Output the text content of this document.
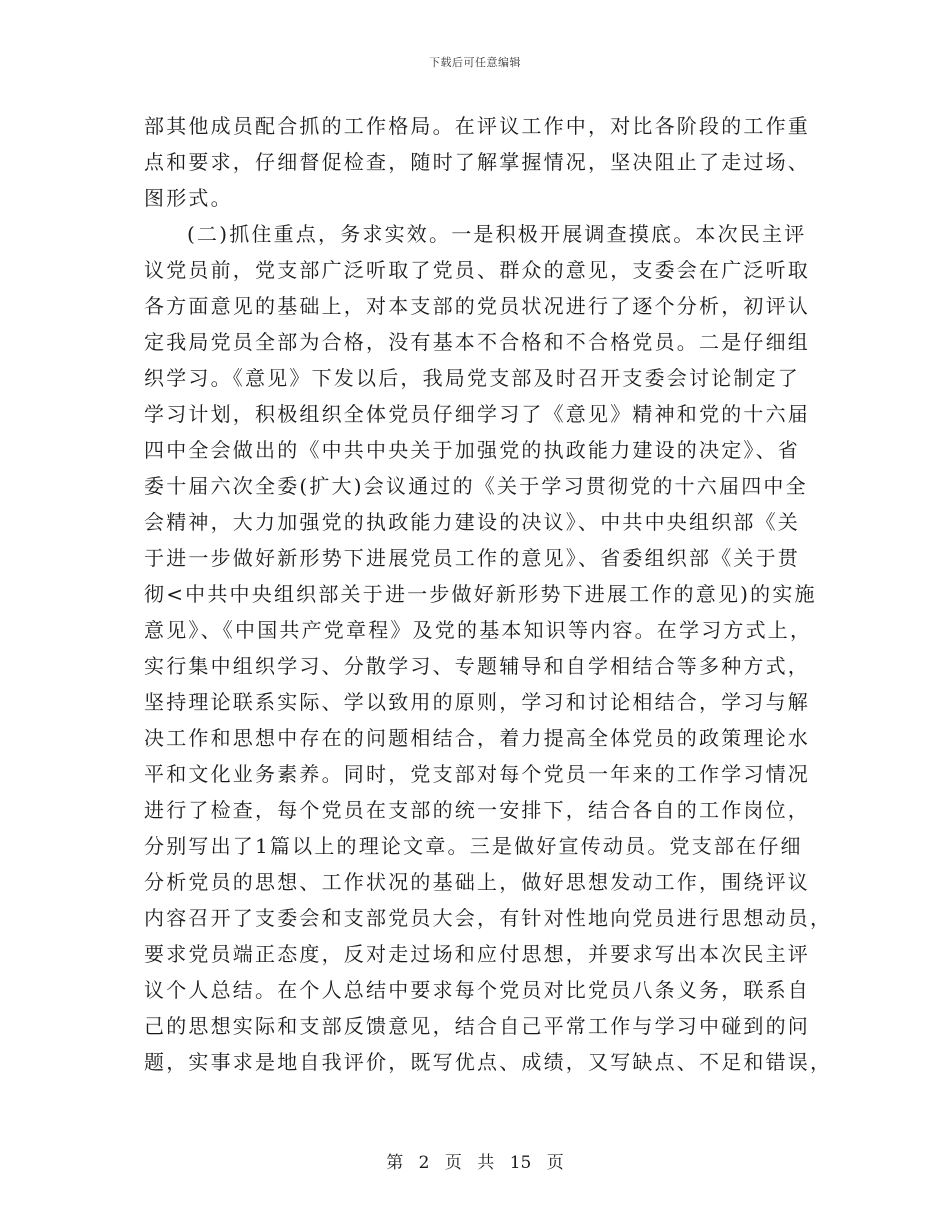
下载后可任意编辑
部其他成员配合抓的工作格局。在评议工作中，对比各阶段的工作重
点和要求，仔细督促检查，随时了解掌握情况，坚决阻止了走过场、
图形式。
(二)抓住重点，务求实效。一是积极开展调查摸底。本次民主评
议党员前，党支部广泛听取了党员、群众的意见，支委会在广泛听取
各方面意见的基础上，对本支部的党员状况进行了逐个分析，初评认
定我局党员全部为合格，没有基本不合格和不合格党员。二是仔细组
织学习。《意见》下发以后，我局党支部及时召开支委会讨论制定了
学习计划，积极组织全体党员仔细学习了《意见》精神和党的十六届
四中全会做出的《中共中央关于加强党的执政能力建设的决定》、省
委十届六次全委(扩大)会议通过的《关于学习贯彻党的十六届四中全
会精神，大力加强党的执政能力建设的决议》、中共中央组织部《关
于进一步做好新形势下进展党员工作的意见》、省委组织部《关于贯
彻<中共中央组织部关于进一步做好新形势下进展工作的意见)的实施
意见》、《中国共产党章程》及党的基本知识等内容。在学习方式上，
实行集中组织学习、分散学习、专题辅导和自学相结合等多种方式，
坚持理论联系实际、学以致用的原则，学习和讨论相结合，学习与解
决工作和思想中存在的问题相结合，着力提高全体党员的政策理论水
平和文化业务素养。同时，党支部对每个党员一年来的工作学习情况
进行了检查，每个党员在支部的统一安排下，结合各自的工作岗位，
分别写出了1篇以上的理论文章。三是做好宣传动员。党支部在仔细
分析党员的思想、工作状况的基础上，做好思想发动工作，围绕评议
内容召开了支委会和支部党员大会，有针对性地向党员进行思想动员，
要求党员端正态度，反对走过场和应付思想，并要求写出本次民主评
议个人总结。在个人总结中要求每个党员对比党员八条义务，联系自
己的思想实际和支部反馈意见，结合自己平常工作与学习中碰到的问
题，实事求是地自我评价，既写优点、成绩，又写缺点、不足和错误，
第 2 页 共 15 页
